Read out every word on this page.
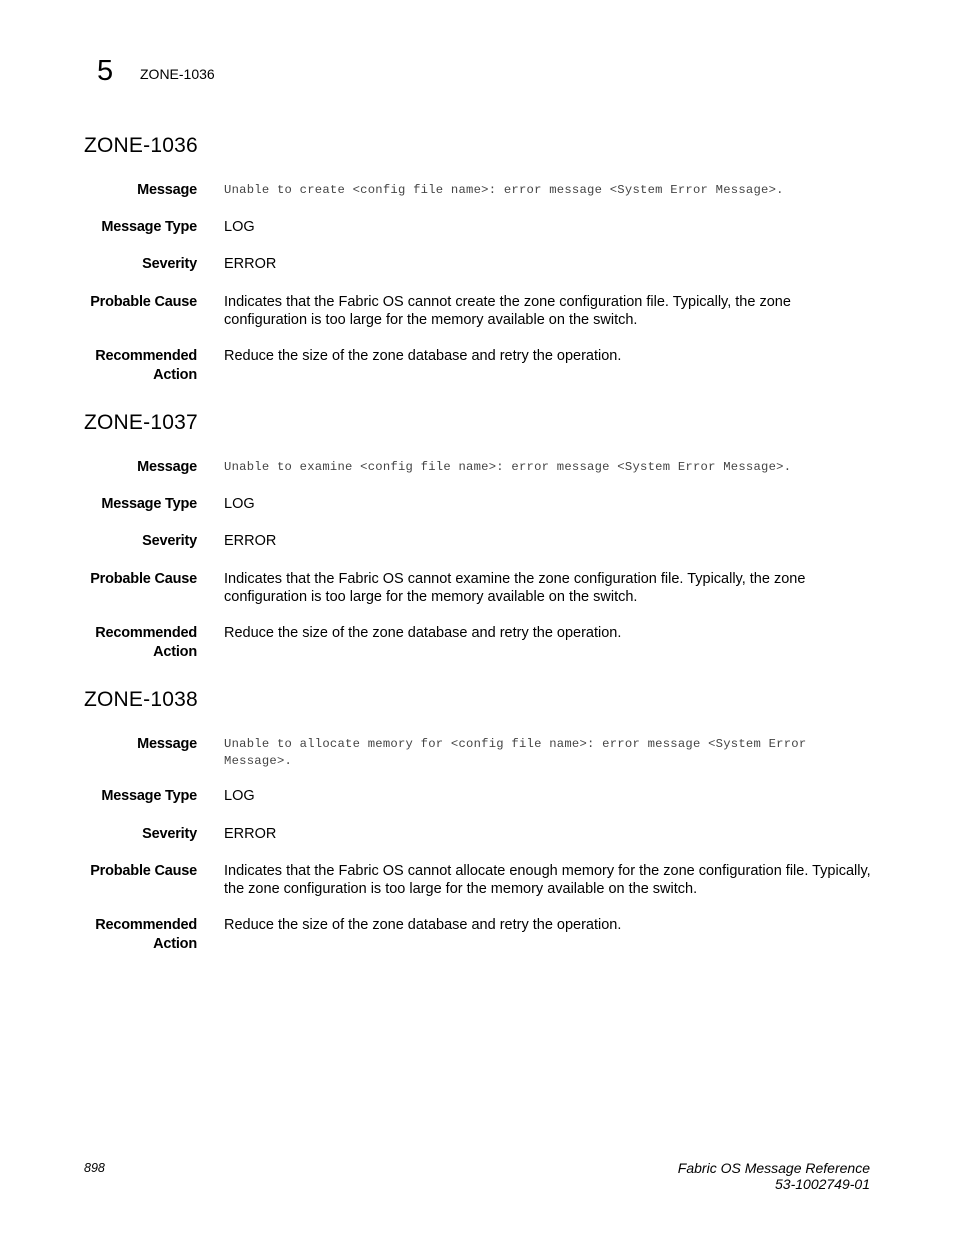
5 ZONE-1036
ZONE-1036
Message Unable to create <config file name>: error message <System Error Message>.
Message Type LOG
Severity ERROR
Probable Cause Indicates that the Fabric OS cannot create the zone configuration file. Typically, the zone configuration is too large for the memory available on the switch.
Recommended
Action
Reduce the size of the zone database and retry the operation.
ZONE-1037
Message Unable to examine <config file name>: error message <System Error Message>.
Message Type LOG
Severity ERROR
Probable Cause Indicates that the Fabric OS cannot examine the zone configuration file. Typically, the zone configuration is too large for the memory available on the switch.
Recommended
Action
Reduce the size of the zone database and retry the operation.
ZONE-1038
Message Unable to allocate memory for <config file name>: error message <System Error Message>.
Message Type LOG
Severity ERROR
Probable Cause Indicates that the Fabric OS cannot allocate enough memory for the zone configuration file. Typically, the zone configuration is too large for the memory available on the switch.
Recommended
Action
Reduce the size of the zone database and retry the operation.
898	Fabric OS Message Reference
53-1002749-01
